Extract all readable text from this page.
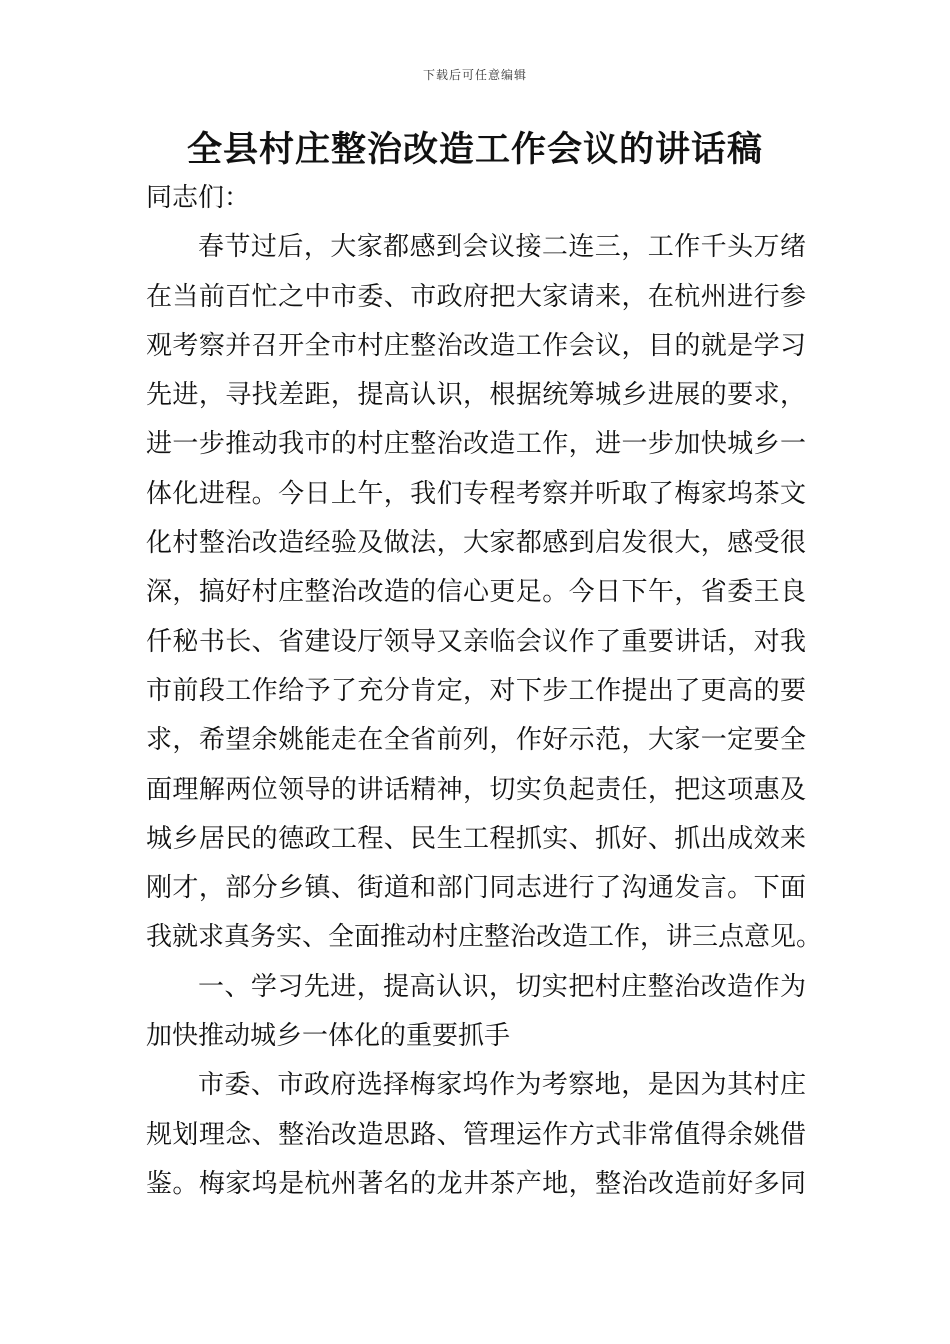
下载后可任意编辑
全县村庄整治改造工作会议的讲话稿
同志们：
春节过后，大家都感到会议接二连三，工作千头万绪
在当前百忙之中市委、市政府把大家请来，在杭州进行参
观考察并召开全市村庄整治改造工作会议，目的就是学习
先进，寻找差距，提高认识，根据统筹城乡进展的要求，
进一步推动我市的村庄整治改造工作，进一步加快城乡一
体化进程。今日上午，我们专程考察并听取了梅家坞茶文
化村整治改造经验及做法，大家都感到启发很大，感受很
深，搞好村庄整治改造的信心更足。今日下午，省委王良
仟秘书长、省建设厅领导又亲临会议作了重要讲话，对我
市前段工作给予了充分肯定，对下步工作提出了更高的要
求，希望余姚能走在全省前列，作好示范，大家一定要全
面理解两位领导的讲话精神，切实负起责任，把这项惠及
城乡居民的德政工程、民生工程抓实、抓好、抓出成效来
刚才，部分乡镇、街道和部门同志进行了沟通发言。下面
我就求真务实、全面推动村庄整治改造工作，讲三点意见。
一、学习先进，提高认识，切实把村庄整治改造作为
加快推动城乡一体化的重要抓手
市委、市政府选择梅家坞作为考察地，是因为其村庄
规划理念、整治改造思路、管理运作方式非常值得余姚借
鉴。梅家坞是杭州著名的龙井茶产地，整治改造前好多同
